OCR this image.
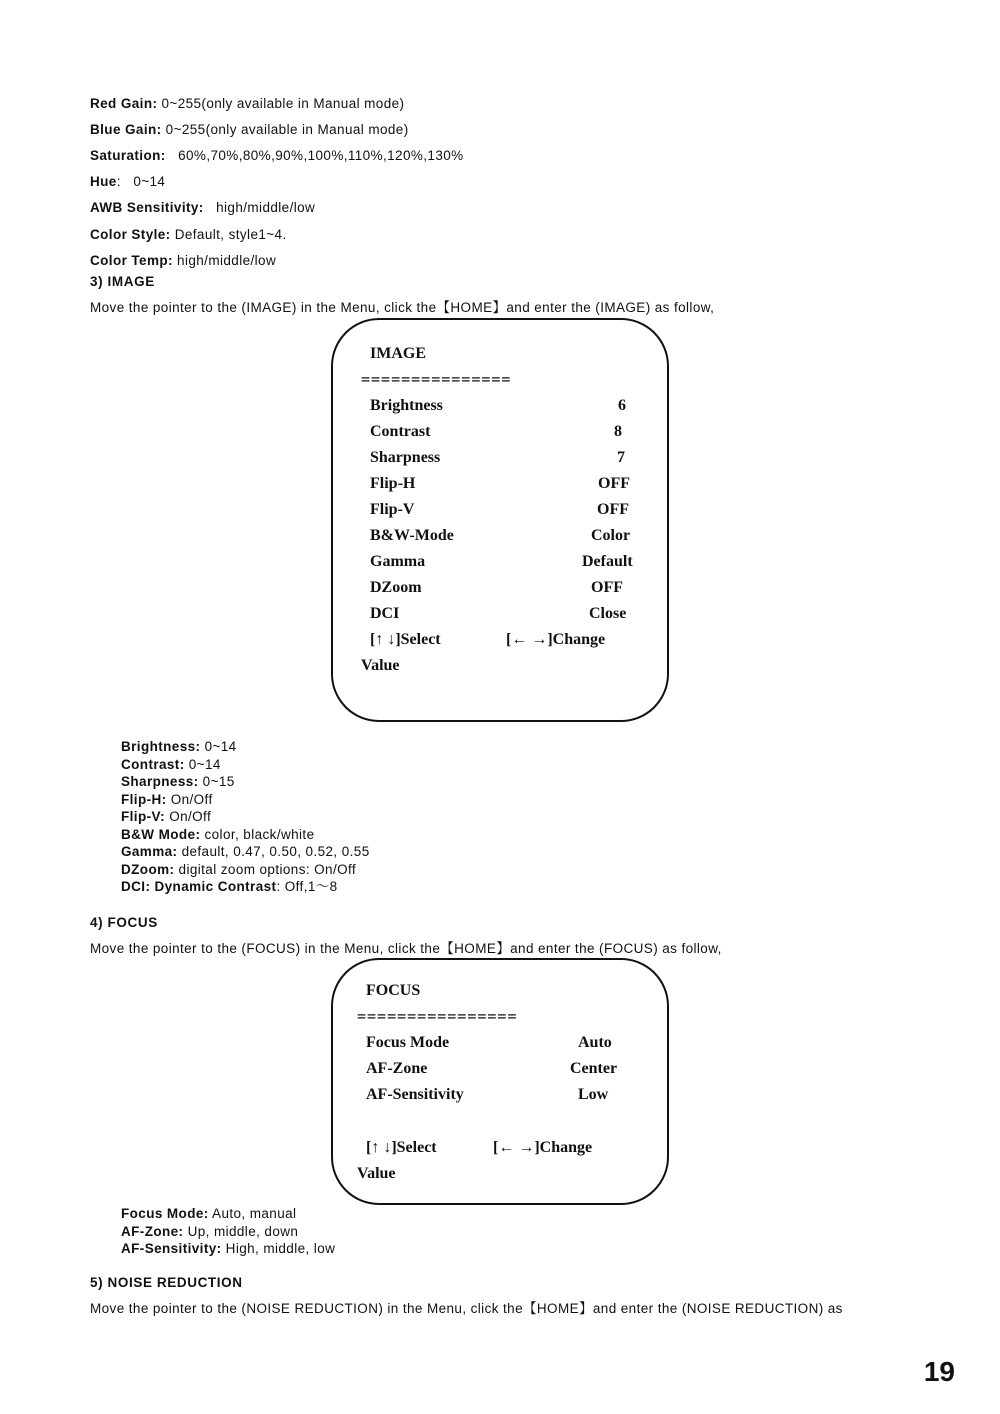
Red Gain: 0~255(only available in Manual mode)
Blue Gain: 0~255(only available in Manual mode)
Saturation:   60%,70%,80%,90%,100%,110%,120%,130%
Hue:   0~14
AWB Sensitivity:   high/middle/low
Color Style: Default, style1~4.
Color Temp: high/middle/low
3) IMAGE
Move the pointer to the (IMAGE) in the Menu, click the【HOME】and enter the (IMAGE) as follow,
IMAGE
===============
Brightness	6
Contrast	8
Sharpness	7
Flip-H	OFF
Flip-V	OFF
B&W-Mode	Color
Gamma	Default
DZoom	OFF
DCI	Close
[↑ ↓]Select	[← →]Change
Value
Brightness: 0~14
Contrast: 0~14
Sharpness: 0~15
Flip-H: On/Off
Flip-V: On/Off
B&W Mode: color, black/white
Gamma: default, 0.47, 0.50, 0.52, 0.55
DZoom: digital zoom options: On/Off
DCI: Dynamic Contrast: Off,1～8
4) FOCUS
Move the pointer to the (FOCUS) in the Menu, click the【HOME】and enter the (FOCUS) as follow,
FOCUS
================
Focus Mode	Auto
AF-Zone	Center
AF-Sensitivity	Low
[↑ ↓]Select	[← →]Change
Value
Focus Mode: Auto, manual
AF-Zone: Up, middle, down
AF-Sensitivity: High, middle, low
5) NOISE REDUCTION
Move the pointer to the (NOISE REDUCTION) in the Menu, click the【HOME】and enter the (NOISE REDUCTION) as
19
